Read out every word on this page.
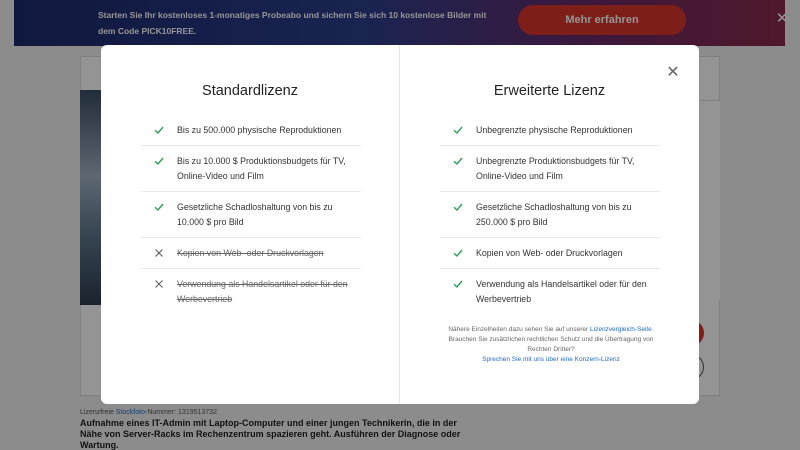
Starten Sie Ihr kostenloses 1-monatiges Probeabo und sichern Sie sich 10 kostenlose Bilder mit dem Code PICK10FREE.
Mehr erfahren	✕
Lizenzfreie Stockfoto-Nummer: 1319513732
Aufnahme eines IT-Admin mit Laptop-Computer und einer jungen Technikerin, die in der Nähe von Server-Racks im Rechenzentrum spazieren geht. Ausführen der Diagnose oder Wartung.
Standardlizenz
Bis zu 500.000 physische Reproduktionen
Bis zu 10.000 $ Produktionsbudgets für TV, Online-Video und Film
Gesetzliche Schadloshaltung von bis zu 10.000 $ pro Bild
Kopien von Web- oder Druckvorlagen
Verwendung als Handelsartikel oder für den Werbevertrieb
Erweiterte Lizenz
Unbegrenzte physische Reproduktionen
Unbegrenzte Produktionsbudgets für TV, Online-Video und Film
Gesetzliche Schadloshaltung von bis zu 250.000 $ pro Bild
Kopien von Web- oder Druckvorlagen
Verwendung als Handelsartikel oder für den Werbevertrieb
✕
Nähere Einzelheiten dazu sehen Sie auf unserer Lizenzvergleich-Seite.
Brauchen Sie zusätzlichen rechtlichen Schutz und die Übertragung von Rechten Dritter?
Sprechen Sie mit uns über eine Konzern-Lizenz
